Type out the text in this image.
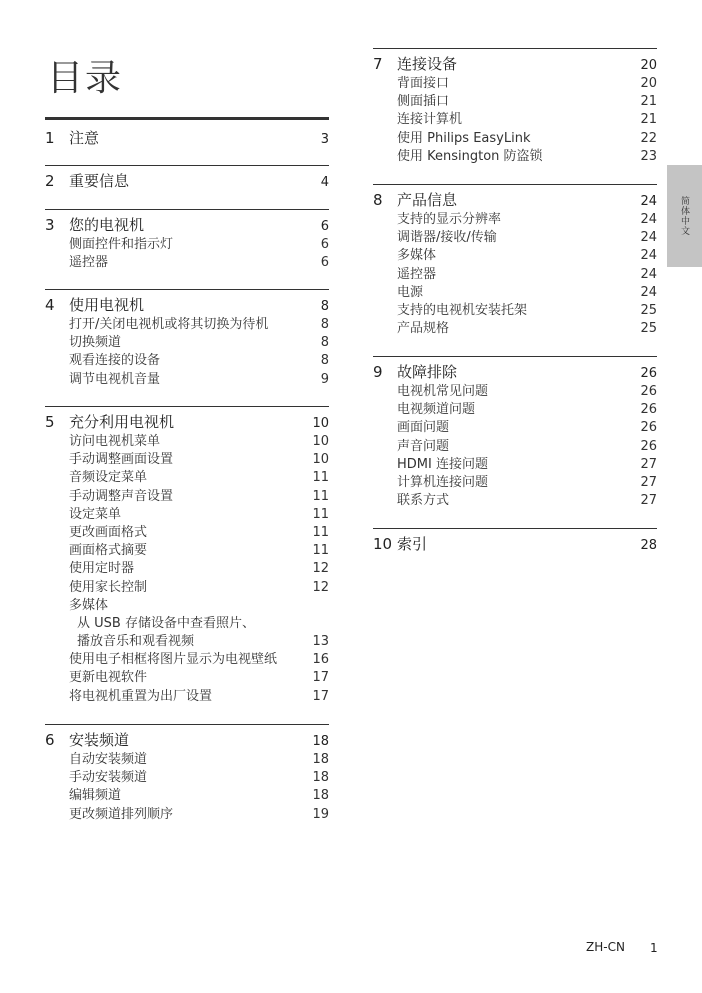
目录
1 注意	3
2 重要信息	4
3 您的电视机	6
侧面控件和指示灯	6
遥控器	6
4 使用电视机	8
打开/关闭电视机或将其切换为待机	8
切换频道	8
观看连接的设备	8
调节电视机音量	9
5 充分利用电视机	10
访问电视机菜单	10
手动调整画面设置	10
音频设定菜单	11
手动调整声音设置	11
设定菜单	11
更改画面格式	11
画面格式摘要	11
使用定时器	12
使用家长控制	12
多媒体
从 USB 存储设备中查看照片、
播放音乐和观看视频	13
使用电子相框将图片显示为电视壁纸	16
更新电视软件	17
将电视机重置为出厂设置	17
6 安装频道	18
自动安装频道	18
手动安装频道	18
编辑频道	18
更改频道排列顺序	19
7 连接设备	20
背面接口	20
侧面插口	21
连接计算机	21
使用 Philips EasyLink	22
使用 Kensington 防盗锁	23
8 产品信息	24
支持的显示分辨率	24
调谐器/接收/传输	24
多媒体	24
遥控器	24
电源	24
支持的电视机安装托架	25
产品规格	25
9 故障排除	26
电视机常见问题	26
电视频道问题	26
画面问题	26
声音问题	26
HDMI 连接问题	27
计算机连接问题	27
联系方式	27
10 索引	28
简体中文
ZH-CN 1
